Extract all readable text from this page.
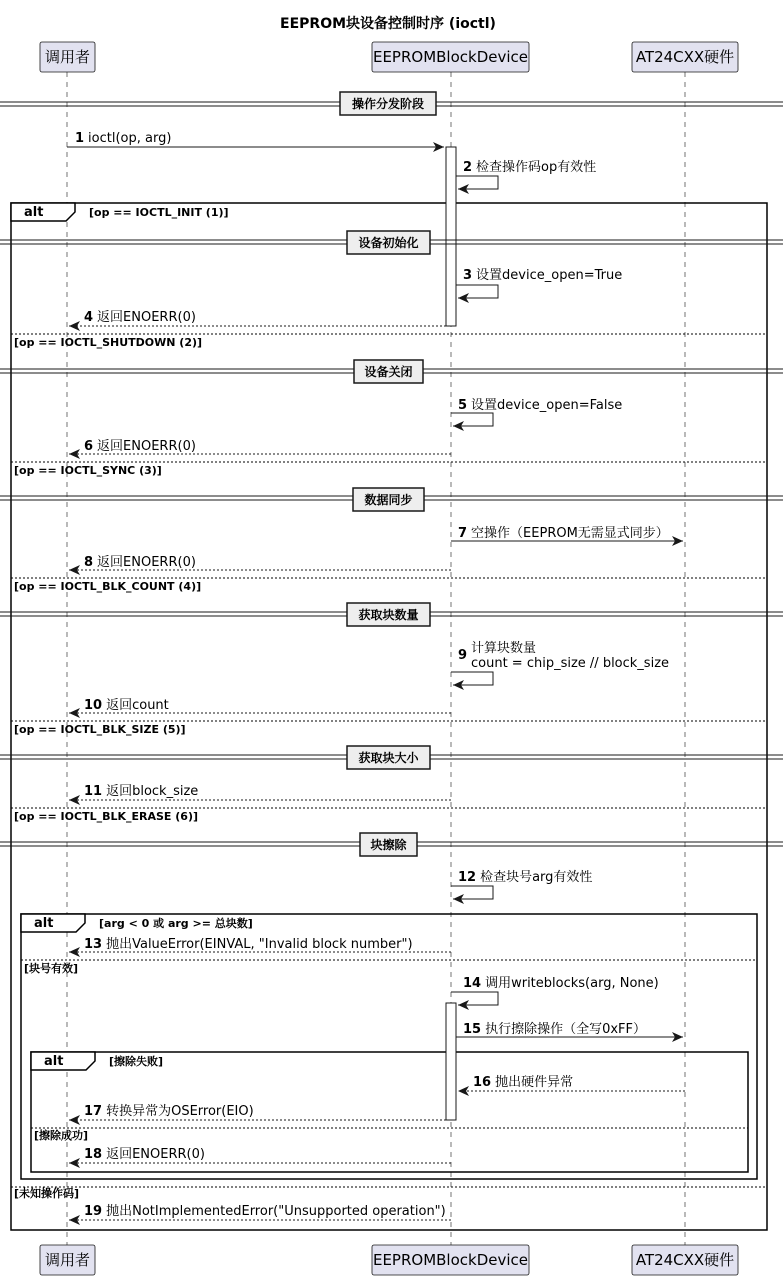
EEPROM块设备控制时序 (ioctl)
调用者	EEPROMBlockDevice	AT24CXX硬件
调用者	EEPROMBlockDevice	AT24CXX硬件
alt	[op == IOCTL_INIT (1)]
[op == IOCTL_SHUTDOWN (2)]
[op == IOCTL_SYNC (3)]
[op == IOCTL_BLK_COUNT (4)]
[op == IOCTL_BLK_SIZE (5)]
[op == IOCTL_BLK_ERASE (6)]
[未知操作码]
alt	[arg < 0 或 arg >= 总块数]
[块号有效]
alt	[擦除失败]
[擦除成功]
操作分发阶段
设备初始化
设备关闭
数据同步
获取块数量
获取块大小
块擦除
1 ioctl(op, arg)
2 检查操作码op有效性
3 设置device_open=True
4 返回ENOERR(0)
5 设置device_open=False
6 返回ENOERR(0)
7 空操作（EEPROM无需显式同步）
8 返回ENOERR(0)
9 计算块数量
count = chip_size // block_size
10 返回count
11 返回block_size
12 检查块号arg有效性
13 抛出ValueError(EINVAL, "Invalid block number")
14 调用writeblocks(arg, None)
15 执行擦除操作（全写0xFF）
16 抛出硬件异常
17 转换异常为OSError(EIO)
18 返回ENOERR(0)
19 抛出NotImplementedError("Unsupported operation")
